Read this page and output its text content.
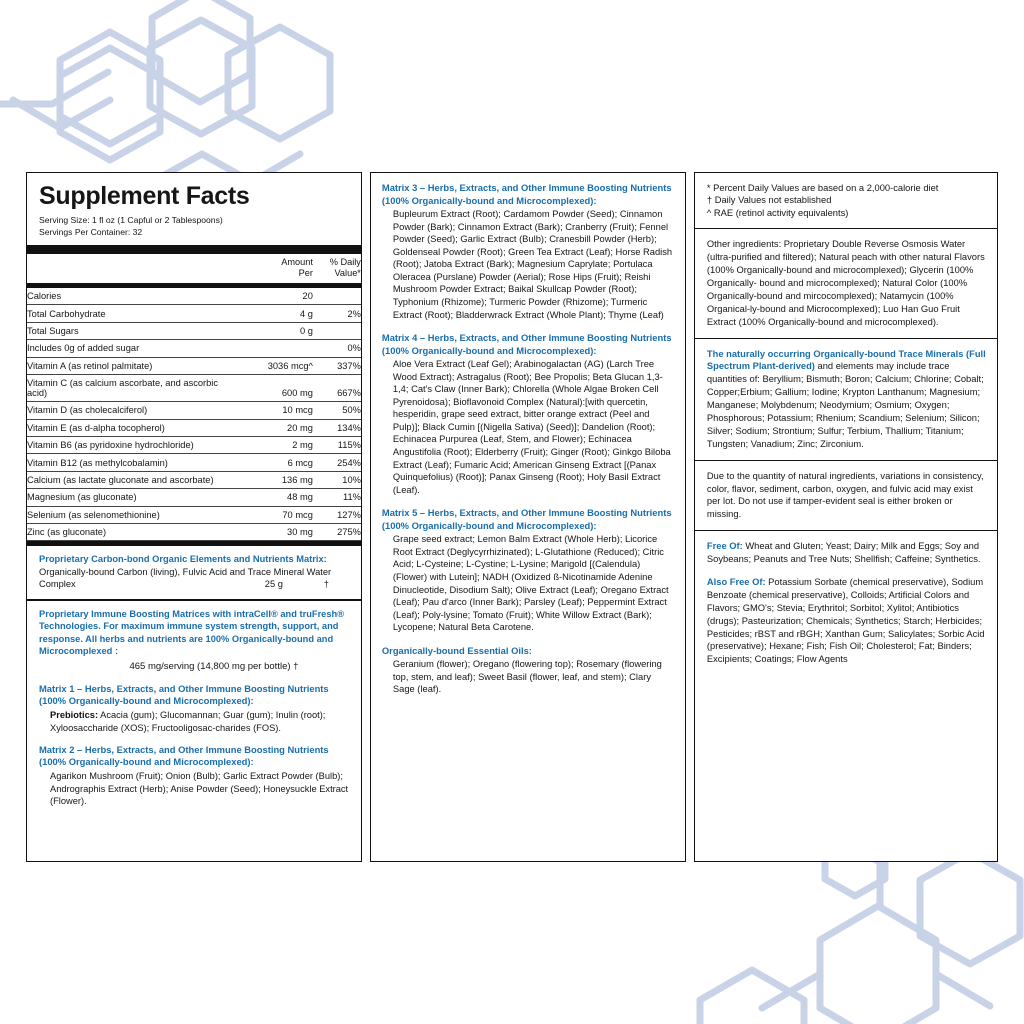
Supplement Facts
Serving Size: 1 fl oz (1 Capful or 2 Tablespoons)
Servings Per Container: 32
	Amount
Per	% Daily
Value*
Calories	20	
Total Carbohydrate	4 g	2%
Total Sugars	0 g	
Includes 0g of added sugar		0%
Vitamin A (as retinol palmitate)	3036 mcg^	337%
Vitamin C (as calcium ascorbate, and ascorbic acid)	600 mg	667%
Vitamin D (as cholecalciferol)	10 mcg	50%
Vitamin E (as d-alpha tocopherol)	20 mg	134%
Vitamin B6 (as pyridoxine hydrochloride)	2 mg	115%
Vitamin B12 (as methylcobalamin)	6 mcg	254%
Calcium (as lactate gluconate and ascorbate)	136 mg	10%
Magnesium (as gluconate)	48 mg	11%
Selenium (as selenomethionine)	70 mcg	127%
Zinc (as gluconate)	30 mg	275%
Proprietary Carbon-bond Organic Elements and Nutrients Matrix: Organically-bound Carbon (living), Fulvic Acid and Trace Mineral Water Complex	25 g	†
Proprietary Immune Boosting Matrices with intraCell® and truFresh® Technologies. For maximum immune system strength, support, and response. All herbs and nutrients are 100% Organically-bound and Microcomplexed :
465 mg/serving (14,800 mg per bottle) †
Matrix 1 – Herbs, Extracts, and Other Immune Boosting Nutrients (100% Organically-bound and Microcomplexed):
Prebiotics: Acacia (gum); Glucomannan; Guar (gum); Inulin (root); Xyloosaccharide (XOS); Fructooligosac-charides (FOS).
Matrix 2 – Herbs, Extracts, and Other Immune Boosting Nutrients (100% Organically-bound and Microcomplexed):
Agarikon Mushroom (Fruit); Onion (Bulb); Garlic Extract Powder (Bulb); Andrographis Extract (Herb); Anise Powder (Seed); Honeysuckle Extract (Flower).
Matrix 3 – Herbs, Extracts, and Other Immune Boosting Nutrients (100% Organically-bound and Microcomplexed):
Bupleurum Extract (Root); Cardamom Powder (Seed); Cinnamon Powder (Bark); Cinnamon Extract (Bark); Cranberry (Fruit); Fennel Powder (Seed); Garlic Extract (Bulb); Cranesbill Powder (Herb); Goldenseal Powder (Root); Green Tea Extract (Leaf); Horse Radish (Root); Jatoba Extract (Bark); Magnesium Caprylate; Portulaca Oleracea (Purslane) Powder (Aerial); Rose Hips (Fruit); Reishi Mushroom Powder Extract; Baikal Skullcap Powder (Root); Typhonium (Rhizome); Turmeric Powder (Rhizome); Turmeric Extract (Root); Bladderwrack Extract (Whole Plant); Thyme (Leaf)
Matrix 4 – Herbs, Extracts, and Other Immune Boosting Nutrients (100% Organically-bound and Microcomplexed):
Aloe Vera Extract (Leaf Gel); Arabinogalactan (AG) (Larch Tree Wood Extract); Astragalus (Root); Bee Propolis; Beta Glucan 1,3-1,4; Cat's Claw (Inner Bark); Chlorella (Whole Algae Broken Cell Pyrenoidosa); Bioflavonoid Complex (Natural):[with quercetin, hesperidin, grape seed extract, bitter orange extract (Peel and Pulp)]; Black Cumin [(Nigella Sativa) (Seed)]; Dandelion (Root); Echinacea Purpurea (Leaf, Stem, and Flower); Echinacea Angustifolia (Root); Elderberry (Fruit); Ginger (Root); Ginkgo Biloba Extract (Leaf); Fumaric Acid; American Ginseng Extract [(Panax Quinquefolius) (Root)]; Panax Ginseng (Root); Holy Basil Extract (Leaf).
Matrix 5 – Herbs, Extracts, and Other Immune Boosting Nutrients (100% Organically-bound and Microcomplexed):
Grape seed extract; Lemon Balm Extract (Whole Herb); Licorice Root Extract (Deglycyrrhizinated); L-Glutathione (Reduced); Citric Acid; L-Cysteine; L-Cystine; L-Lysine; Marigold [(Calendula) (Flower) with Lutein]; NADH (Oxidized ß-Nicotinamide Adenine Dinucleotide, Disodium Salt); Olive Extract (Leaf); Oregano Extract (Leaf); Pau d'arco (Inner Bark); Parsley (Leaf); Peppermint Extract (Leaf); Poly-lysine; Tomato (Fruit); White Willow Extract (Bark); Lycopene; Natural Beta Carotene.
Organically-bound Essential Oils:
Geranium (flower); Oregano (flowering top); Rosemary (flowering top, stem, and leaf); Sweet Basil (flower, leaf, and stem); Clary Sage (leaf).
* Percent Daily Values are based on a 2,000-calorie diet
† Daily Values not established
^ RAE (retinol activity equivalents)
Other ingredients: Proprietary Double Reverse Osmosis Water (ultra-purified and filtered); Natural peach with other natural Flavors (100% Organically-bound and microcomplexed); Glycerin (100% Organically- bound and microcomplexed); Natural Color (100% Organically-bound and mircocomplexed); Natamycin (100% Organical-ly-bound and Microcomplexed); Luo Han Guo Fruit Extract (100% Organically-bound and microcomplexed).
The naturally occurring Organically-bound Trace Minerals (Full Spectrum Plant-derived) and elements may include trace quantities of: Beryllium; Bismuth; Boron; Calcium; Chlorine; Cobalt; Copper;Erbium; Gallium; Iodine; Krypton Lanthanum; Magnesium; Manganese; Molybdenum; Neodymium; Osmium; Oxygen; Phosphorous; Potassium; Rhenium; Scandium; Selenium; Silicon; Silver; Sodium; Strontium; Sulfur; Terbium, Thallium; Titanium; Tungsten; Vanadium; Zinc; Zirconium.
Due to the quantity of natural ingredients, variations in consistency, color, flavor, sediment, carbon, oxygen, and fulvic acid may exist per lot. Do not use if tamper-evident seal is either broken or missing.
Free Of: Wheat and Gluten; Yeast; Dairy; Milk and Eggs; Soy and Soybeans; Peanuts and Tree Nuts; Shellfish; Caffeine; Synthetics.
Also Free Of: Potassium Sorbate (chemical preservative), Sodium Benzoate (chemical preservative), Colloids; Artificial Colors and Flavors; GMO's; Stevia; Erythritol; Sorbitol; Xylitol; Antibiotics (drugs); Pasteurization; Chemicals; Synthetics; Starch; Herbicides; Pesticides; rBST and rBGH; Xanthan Gum; Salicylates; Sorbic Acid (preservative); Hexane; Fish; Fish Oil; Cholesterol; Fat; Binders; Excipients; Coatings; Flow Agents
